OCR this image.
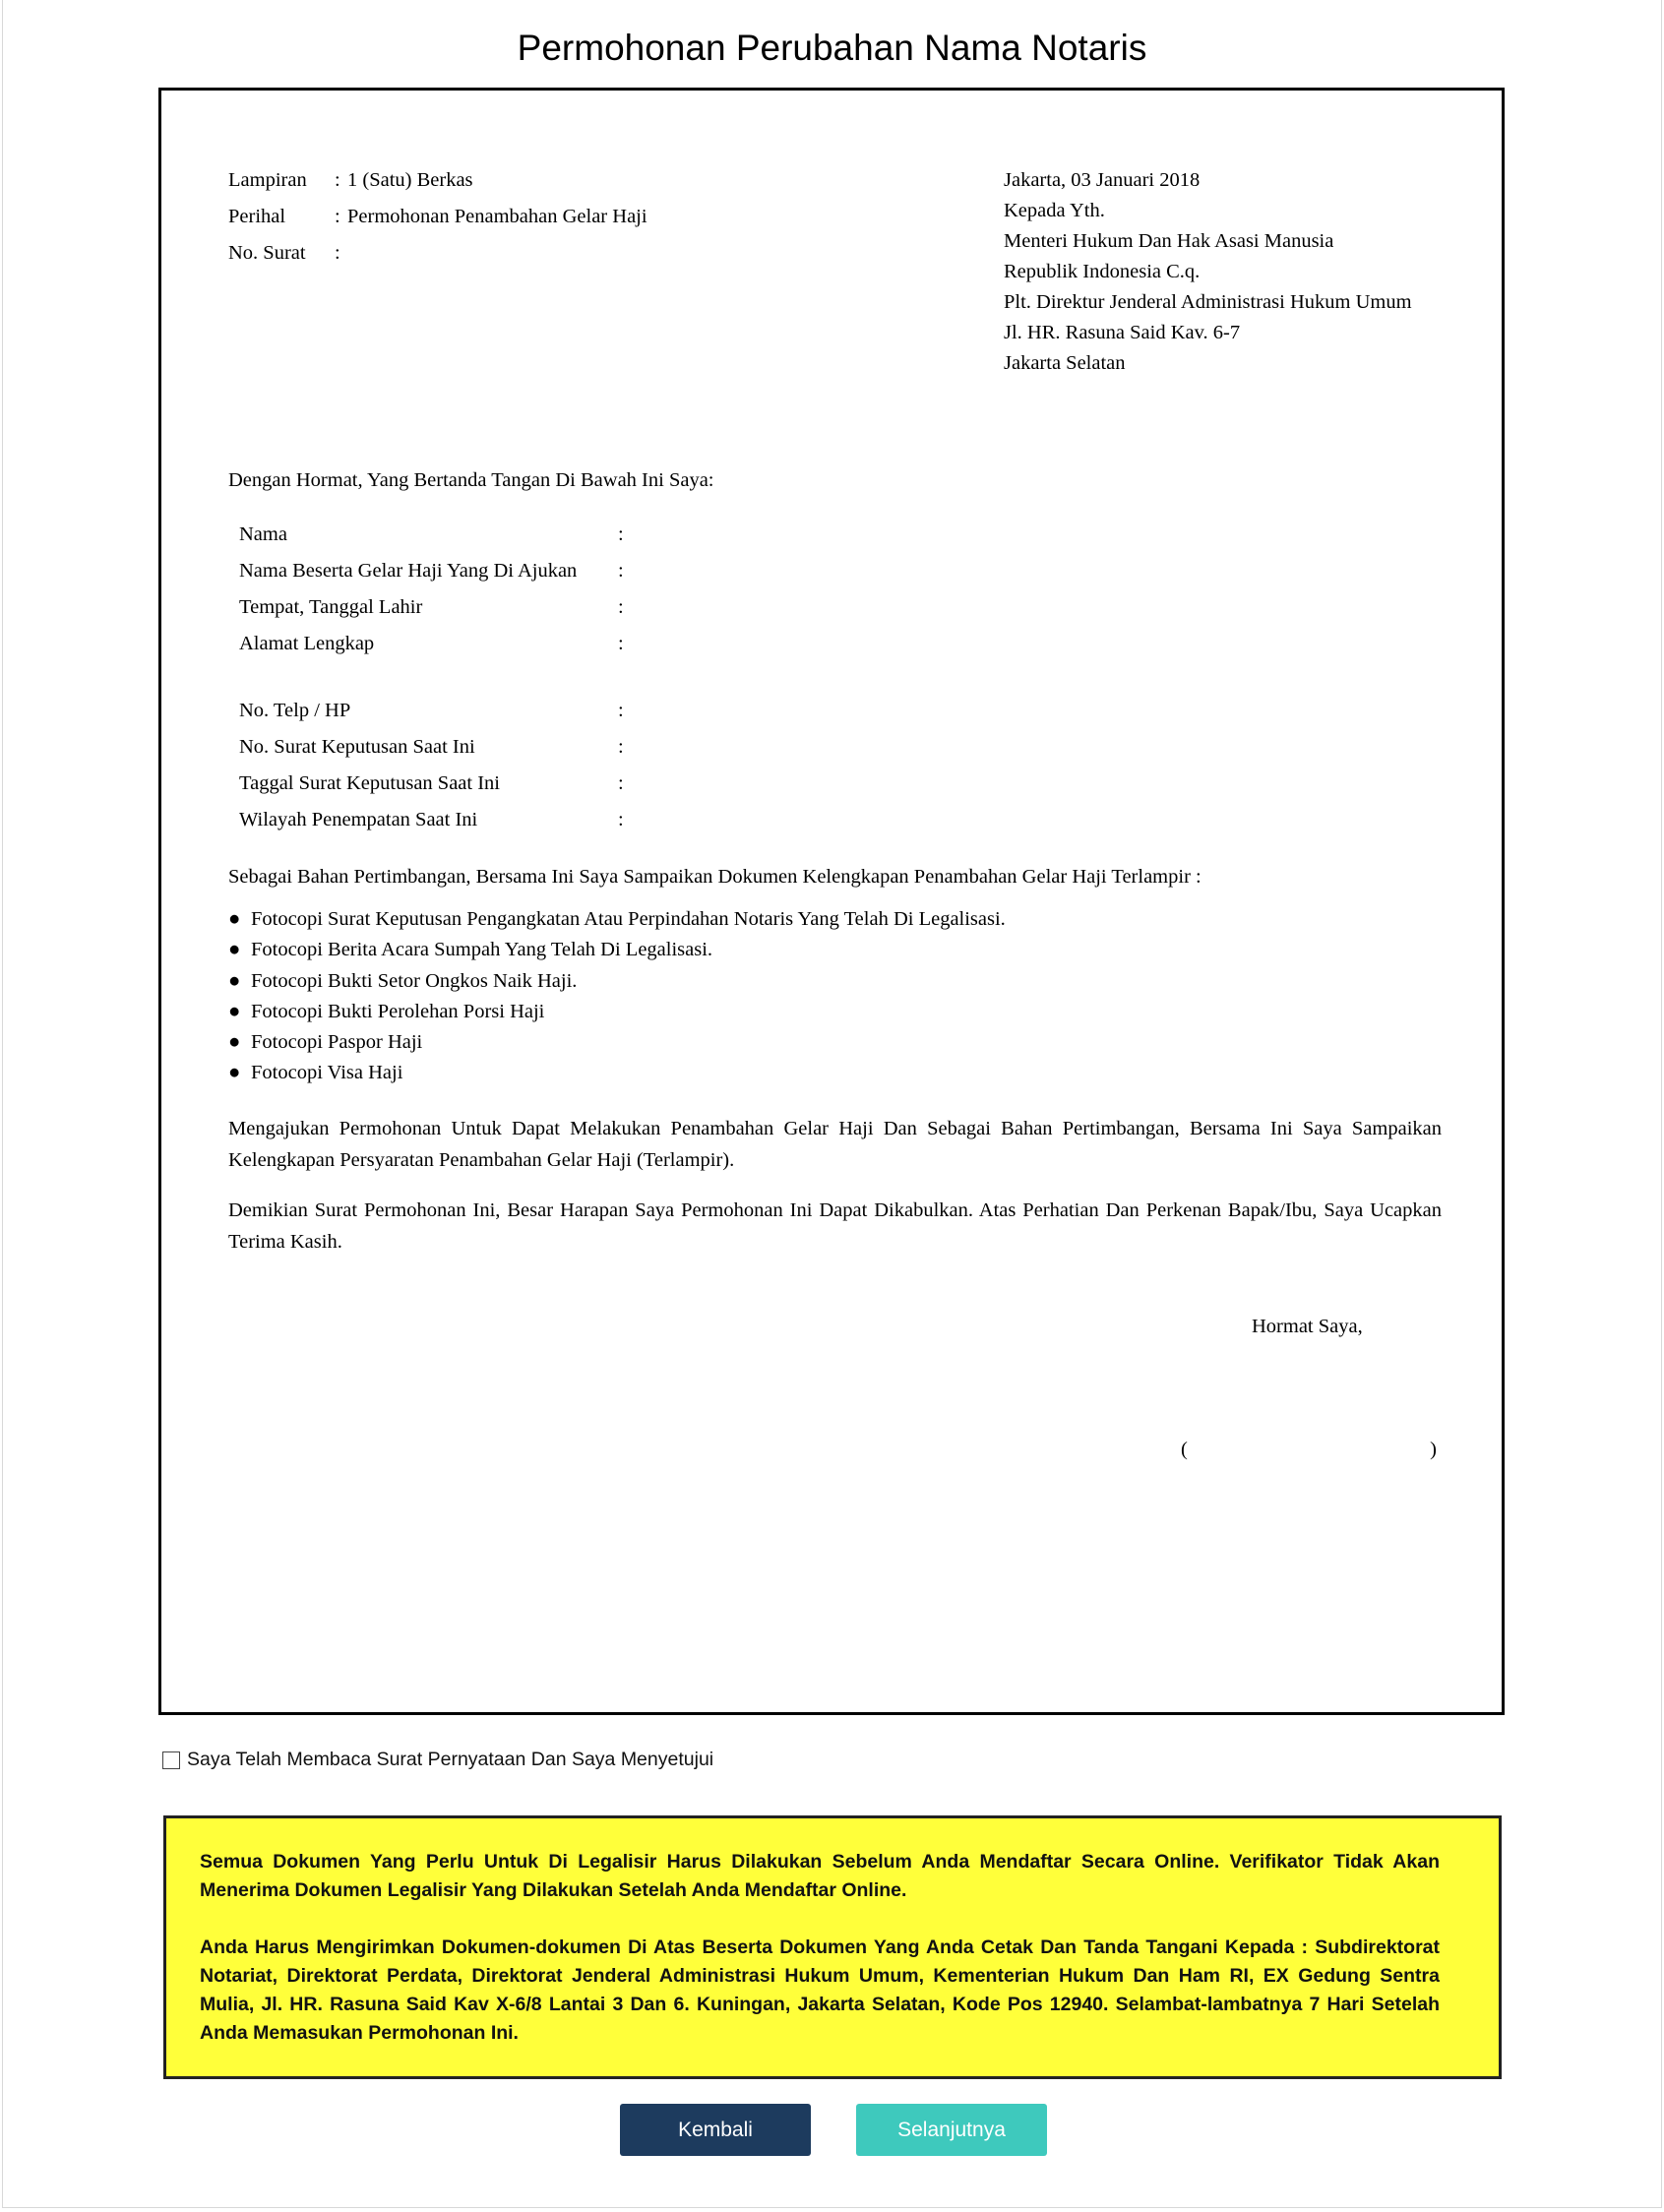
Permohonan Perubahan Nama Notaris
Lampiran : 1 (Satu) Berkas
Perihal : Permohonan Penambahan Gelar Haji
No. Surat :
Jakarta, 03 Januari 2018
Kepada Yth.
Menteri Hukum Dan Hak Asasi Manusia
Republik Indonesia C.q.
Plt. Direktur Jenderal Administrasi Hukum Umum
Jl. HR. Rasuna Said Kav. 6-7
Jakarta Selatan
Dengan Hormat, Yang Bertanda Tangan Di Bawah Ini Saya:
Nama	:
Nama Beserta Gelar Haji Yang Di Ajukan :
Tempat, Tanggal Lahir	:
Alamat Lengkap	:
No. Telp / HP	:
No. Surat Keputusan Saat Ini	:
Taggal Surat Keputusan Saat Ini	:
Wilayah Penempatan Saat Ini	:
Sebagai Bahan Pertimbangan, Bersama Ini Saya Sampaikan Dokumen Kelengkapan Penambahan Gelar Haji Terlampir :
● Fotocopi Surat Keputusan Pengangkatan Atau Perpindahan Notaris Yang Telah Di Legalisasi.
● Fotocopi Berita Acara Sumpah Yang Telah Di Legalisasi.
● Fotocopi Bukti Setor Ongkos Naik Haji.
● Fotocopi Bukti Perolehan Porsi Haji
● Fotocopi Paspor Haji
● Fotocopi Visa Haji
Mengajukan Permohonan Untuk Dapat Melakukan Penambahan Gelar Haji Dan Sebagai Bahan Pertimbangan, Bersama Ini Saya Sampaikan Kelengkapan Persyaratan Penambahan Gelar Haji (Terlampir).
Demikian Surat Permohonan Ini, Besar Harapan Saya Permohonan Ini Dapat Dikabulkan. Atas Perhatian Dan Perkenan Bapak/Ibu, Saya Ucapkan Terima Kasih.
Hormat Saya,
(	)
Saya Telah Membaca Surat Pernyataan Dan Saya Menyetujui

Semua Dokumen Yang Perlu Untuk Di Legalisir Harus Dilakukan Sebelum Anda Mendaftar Secara Online. Verifikator Tidak Akan Menerima Dokumen Legalisir Yang Dilakukan Setelah Anda Mendaftar Online.

Anda Harus Mengirimkan Dokumen-dokumen Di Atas Beserta Dokumen Yang Anda Cetak Dan Tanda Tangani Kepada : Subdirektorat Notariat, Direktorat Perdata, Direktorat Jenderal Administrasi Hukum Umum, Kementerian Hukum Dan Ham RI, EX Gedung Sentra Mulia, Jl. HR. Rasuna Said Kav X-6/8 Lantai 3 Dan 6. Kuningan, Jakarta Selatan, Kode Pos 12940. Selambat-lambatnya 7 Hari Setelah Anda Memasukan Permohonan Ini.

Kembali	Selanjutnya
